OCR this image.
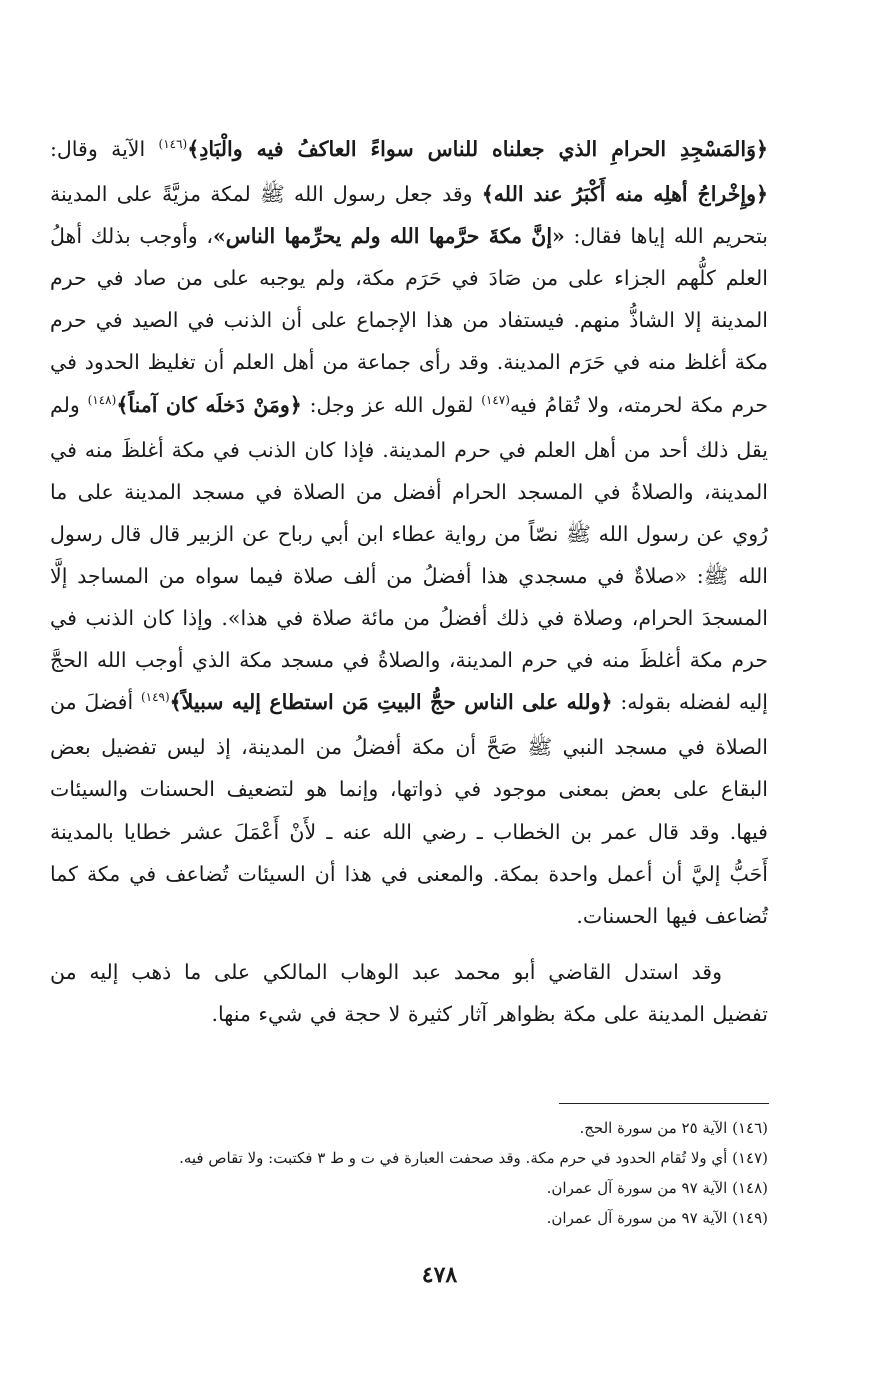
﴿وَالمَسْجِدِ الحرامِ الذي جعلناه للناس سواءً العاكفُ فيه والْبَادِ﴾$^{(١٤٦)}$ الآية وقال: ﴿وإِخْراجُ أهلِه منه أَكْبَرُ عند الله﴾ وقد جعل رسول الله ﷺ لمكة مزيَّةً على المدينة بتحريم الله إياها فقال: «إنَّ مكةَ حرَّمها الله ولم يحرِّمها الناس»، وأوجب بذلك أهلُ العلم كلُّهم الجزاء على من صَادَ في حَرَم مكة، ولم يوجبه على من صاد في حرم المدينة إلا الشاذُّ منهم. فيستفاد من هذا الإجماع على أن الذنب في الصيد في حرم مكة أغلظ منه في حَرَم المدينة. وقد رأى جماعة من أهل العلم أن تغليظ الحدود في حرم مكة لحرمته، ولا تُقامُ فيه$^{(١٤٧)}$ لقول الله عز وجل: ﴿ومَنْ دَخلَه كان آمناً﴾$^{(١٤٨)}$ ولم يقل ذلك أحد من أهل العلم في حرم المدينة. فإذا كان الذنب في مكة أغلظَ منه في المدينة، والصلاةُ في المسجد الحرام أفضل من الصلاة في مسجد المدينة على ما رُوي عن رسول الله ﷺ نصّاً من رواية عطاء ابن أبي رباح عن الزبير قال قال رسول الله ﷺ: «صلاةٌ في مسجدي هذا أفضلُ من ألف صلاة فيما سواه من المساجد إلَّا المسجدَ الحرام، وصلاة في ذلك أفضلُ من مائة صلاة في هذا». وإذا كان الذنب في حرم مكة أغلظَ منه في حرم المدينة، والصلاةُ في مسجد مكة الذي أوجب الله الحجَّ إليه لفضله بقوله: ﴿ولله على الناس حجُّ البيتِ مَن استطاع إليه سبيلاً﴾$^{(١٤٩)}$ أفضلَ من الصلاة في مسجد النبي ﷺ صَحَّ أن مكة أفضلُ من المدينة، إذ ليس تفضيل بعض البقاع على بعض بمعنى موجود في ذواتها، وإنما هو لتضعيف الحسنات والسيئات فيها. وقد قال عمر بن الخطاب ـ رضي الله عنه ـ لأَنْ أَعْمَلَ عشر خطايا بالمدينة أَحَبُّ إليَّ أن أعمل واحدة بمكة. والمعنى في هذا أن السيئات تُضاعف في مكة كما تُضاعف فيها الحسنات.

وقد استدل القاضي أبو محمد عبد الوهاب المالكي على ما ذهب إليه من تفضيل المدينة على مكة بظواهر آثار كثيرة لا حجة في شيء منها.

(١٤٦) الآية ٢٥ من سورة الحج.
(١٤٧) أي ولا تُقام الحدود في حرم مكة. وقد صحفت العبارة في ت و ط ٣ فكتبت: ولا تقاص فيه.
(١٤٨) الآية ٩٧ من سورة آل عمران.
(١٤٩) الآية ٩٧ من سورة آل عمران.
٤٧٨
